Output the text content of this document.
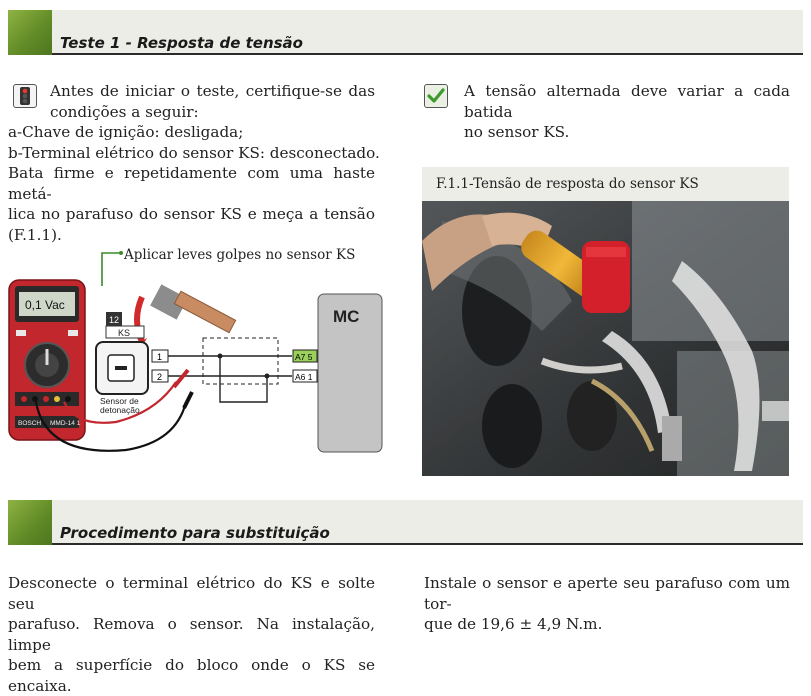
Teste 1 - Resposta de tensão
Antes de iniciar o teste, certifique-se das
condições a seguir:
a-Chave de ignição: desligada;
b-Terminal elétrico do sensor KS: desconectado.
Bata firme e repetidamente com uma haste metá-
lica no parafuso do sensor KS e meça a tensão
(F.1.1).
A tensão alternada deve variar a cada batida
no sensor KS.
F.1.1-Tensão de resposta do sensor KS
Aplicar leves golpes no sensor KS
0,1 Vac
BOSCH MMD-14 1
12
KS
Sensor de
detonação
1
2
A7 5
A6 1
MC
Procedimento para substituição
Desconecte o terminal elétrico do KS e solte seu
parafuso. Remova o sensor. Na instalação, limpe
bem a superfície do bloco onde o KS se encaixa.
Instale o sensor e aperte seu parafuso com um tor-
que de 19,6 ± 4,9 N.m.
